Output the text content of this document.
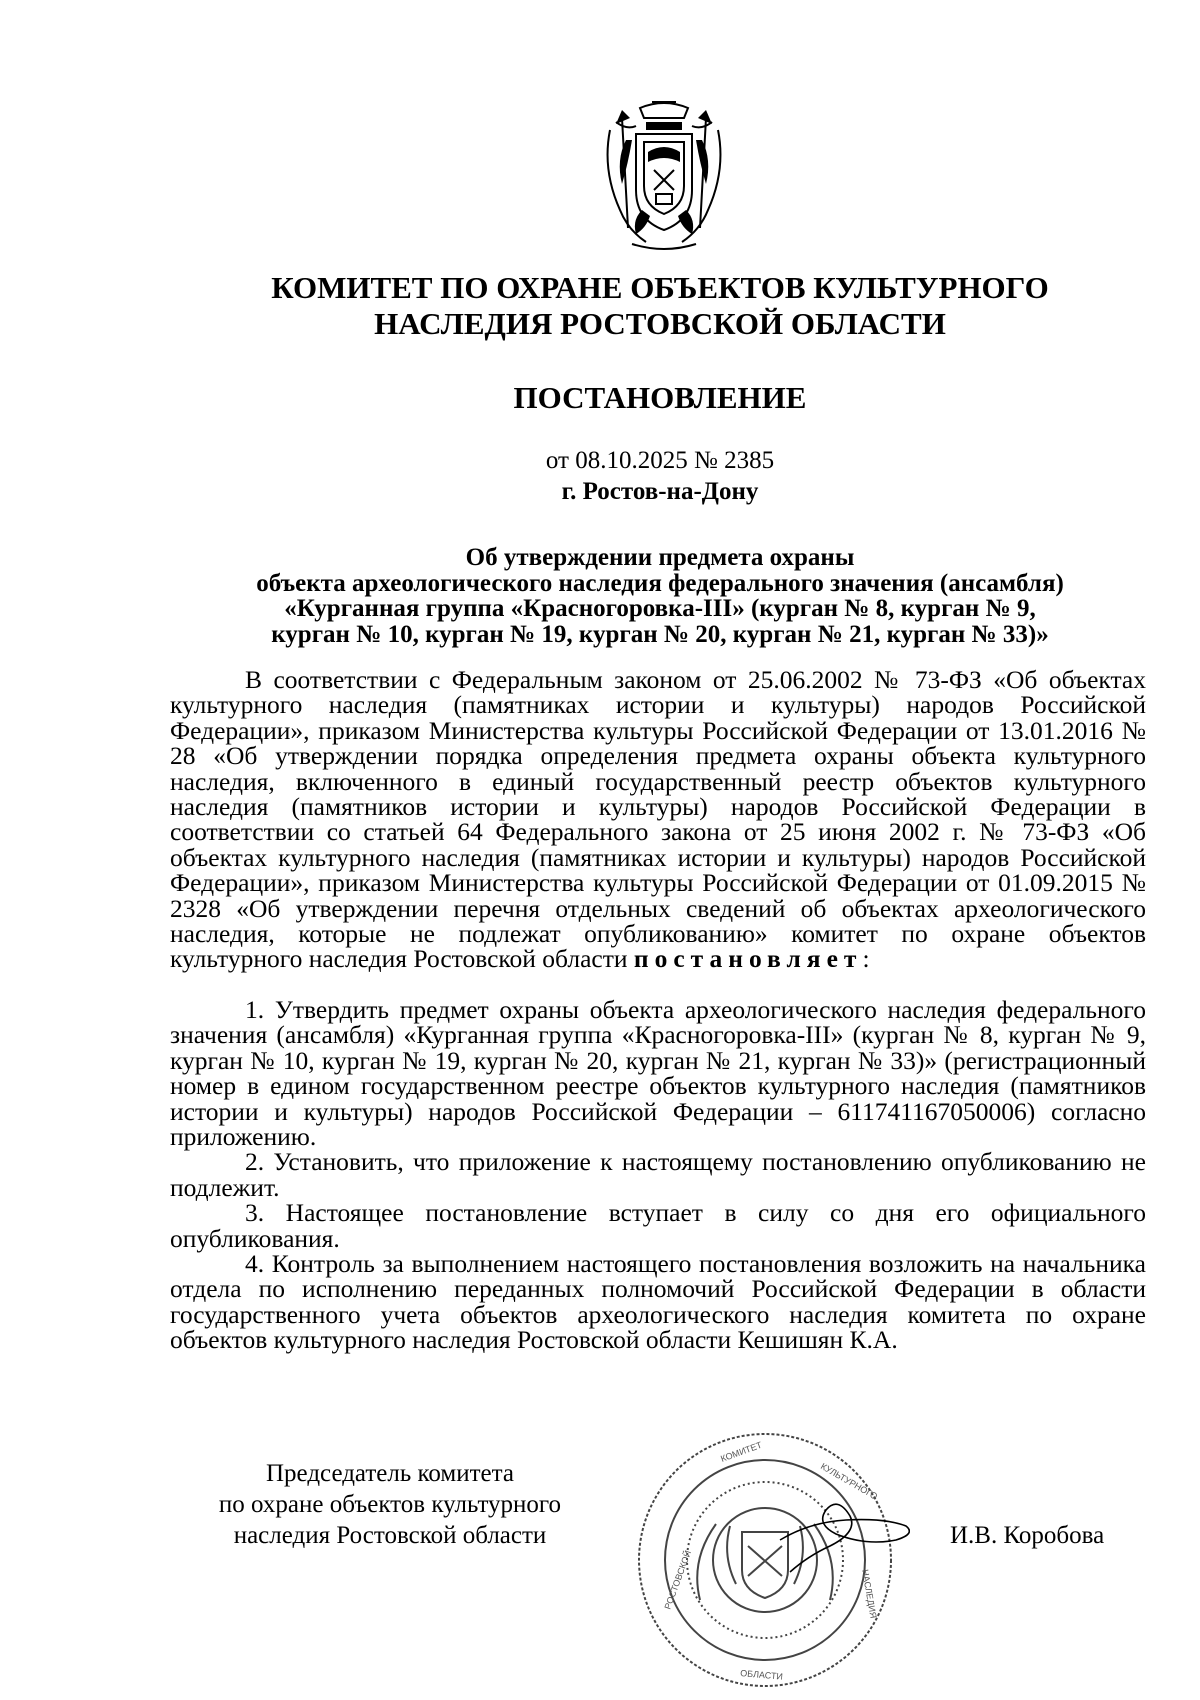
КОМИТЕТ ПО ОХРАНЕ ОБЪЕКТОВ КУЛЬТУРНОГО
НАСЛЕДИЯ РОСТОВСКОЙ ОБЛАСТИ
ПОСТАНОВЛЕНИЕ
от 08.10.2025 № 2385
г. Ростов-на-Дону
Об утверждении предмета охраны
объекта археологического наследия федерального значения (ансамбля)
«Курганная группа «Красногоровка-III» (курган № 8, курган № 9,
курган № 10, курган № 19, курган № 20, курган № 21, курган № 33)»

В соответствии с Федеральным законом от 25.06.2002 № 73-ФЗ «Об объектах культурного наследия (памятниках истории и культуры) народов Российской Федерации», приказом Министерства культуры Российской Федерации от 13.01.2016 № 28 «Об утверждении порядка определения предмета охраны объекта культурного наследия, включенного в единый государственный реестр объектов культурного наследия (памятников истории и культуры) народов Российской Федерации в соответствии со статьей 64 Федерального закона от 25 июня 2002 г. № 73-ФЗ «Об объектах культурного наследия (памятниках истории и культуры) народов Российской Федерации», приказом Министерства культуры Российской Федерации от 01.09.2015 № 2328 «Об утверждении перечня отдельных сведений об объектах археологического наследия, которые не подлежат опубликованию» комитет по охране объектов культурного наследия Ростовской области постановляет:

1. Утвердить предмет охраны объекта археологического наследия федерального значения (ансамбля) «Курганная группа «Красногоровка-III» (курган № 8, курган № 9, курган № 10, курган № 19, курган № 20, курган № 21, курган № 33)» (регистрационный номер в едином государственном реестре объектов культурного наследия (памятников истории и культуры) народов Российской Федерации – 611741167050006) согласно приложению.

2. Установить, что приложение к настоящему постановлению опубликованию не подлежит.

3. Настоящее постановление вступает в силу со дня его официального опубликования.

4. Контроль за выполнением настоящего постановления возложить на начальника отдела по исполнению переданных полномочий Российской Федерации в области государственного учета объектов археологического наследия комитета по охране объектов культурного наследия Ростовской области Кешишян К.А.

Председатель комитета
по охране объектов культурного
наследия Ростовской области
КОМИТЕТ
КУЛЬТУРНОГО
НАСЛЕДИЯ
РОСТОВСКОЙ
ОБЛАСТИ
И.В. Коробова
